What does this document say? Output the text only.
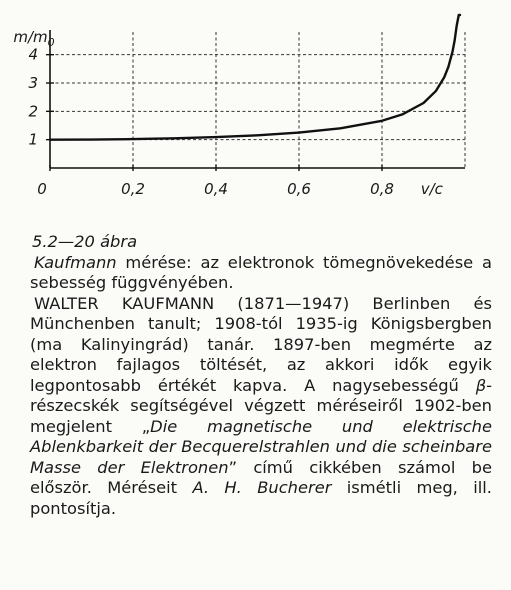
0	0,2	0,4	0,6	0,8
1
2
3
4
v/c
$m/m_0$

5.2—20 ábra

Kaufmann mérése: az elektronok tömegnövekedése a sebesség függvényében.

WALTER KAUFMANN (1871—1947) Berlinben és Münchenben tanult; 1908-tól 1935-ig Königsbergben (ma Kalinyingrád) tanár. 1897-ben megmérte az elektron fajlagos töltését, az akkori idők egyik legpontosabb értékét kapva. A nagysebességű β-részecskék segítségével végzett méréseiről 1902-ben megjelent „Die magnetische und elektrische Ablenkbarkeit der Becquerelstrahlen und die scheinbare Masse der Elektronen” című cikkében számol be először. Méréseit A. H. Bucherer ismétli meg, ill. pontosítja.
